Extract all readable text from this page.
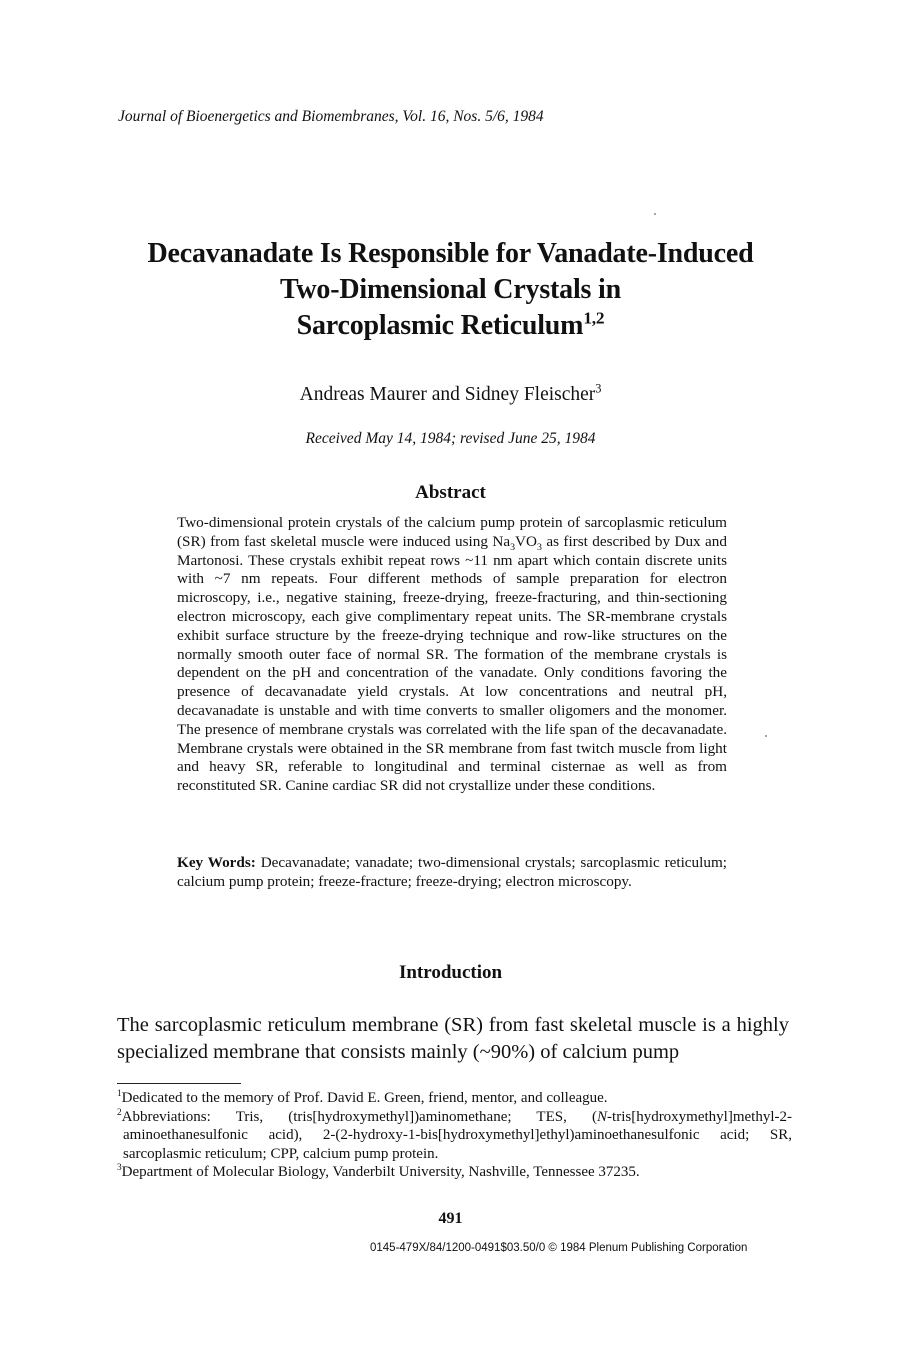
Journal of Bioenergetics and Biomembranes, Vol. 16, Nos. 5/6, 1984
Decavanadate Is Responsible for Vanadate-Induced
Two-Dimensional Crystals in
Sarcoplasmic Reticulum$^{1,2}$
Andreas Maurer and Sidney Fleischer$^3$
Received May 14, 1984; revised June 25, 1984
Abstract
Two-dimensional protein crystals of the calcium pump protein of sarcoplasmic reticulum (SR) from fast skeletal muscle were induced using $Na_3VO_3$ as first described by Dux and Martonosi. These crystals exhibit repeat rows ~11 nm apart which contain discrete units with ~7 nm repeats. Four different methods of sample preparation for electron microscopy, i.e., negative staining, freeze-drying, freeze-fracturing, and thin-sectioning electron microscopy, each give complimentary repeat units. The SR-membrane crystals exhibit surface structure by the freeze-drying technique and row-like structures on the normally smooth outer face of normal SR. The formation of the membrane crystals is dependent on the pH and concentration of the vanadate. Only conditions favoring the presence of decavanadate yield crystals. At low concentrations and neutral pH, decavanadate is unstable and with time converts to smaller oligomers and the monomer. The presence of membrane crystals was correlated with the life span of the decavanadate. Membrane crystals were obtained in the SR membrane from fast twitch muscle from light and heavy SR, referable to longitudinal and terminal cisternae as well as from reconstituted SR. Canine cardiac SR did not crystallize under these conditions.
Key Words: Decavanadate; vanadate; two-dimensional crystals; sarcoplasmic reticulum; calcium pump protein; freeze-fracture; freeze-drying; electron microscopy.
Introduction
The sarcoplasmic reticulum membrane (SR) from fast skeletal muscle is a highly specialized membrane that consists mainly (~90%) of calcium pump

$^1$Dedicated to the memory of Prof. David E. Green, friend, mentor, and colleague.

$^2$Abbreviations: Tris, (tris[hydroxymethyl])aminomethane; TES, (N-tris[hydroxymethyl]methyl-2-aminoethanesulfonic acid), 2-(2-hydroxy-1-bis[hydroxymethyl]ethyl)aminoethanesulfonic acid; SR, sarcoplasmic reticulum; CPP, calcium pump protein.

$^3$Department of Molecular Biology, Vanderbilt University, Nashville, Tennessee 37235.

491
0145-479X/84/1200-0491$03.50/0 © 1984 Plenum Publishing Corporation
